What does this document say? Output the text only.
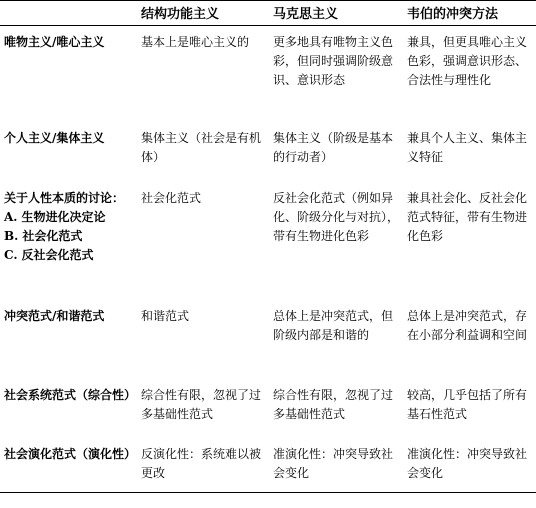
	结构功能主义	马克思主义	韦伯的冲突方法
唯物主义/唯心主义	基本上是唯心主义的	更多地具有唯物主义色彩，但同时强调阶级意识、意识形态	兼具，但更具唯心主义色彩，强调意识形态、合法性与理性化
个人主义/集体主义	集体主义（社会是有机体）	集体主义（阶级是基本的行动者）	兼具个人主义、集体主义特征
关于人性本质的讨论：
A. 生物进化决定论
B. 社会化范式
C. 反社会化范式	社会化范式	反社会化范式（例如异化、阶级分化与对抗），带有生物进化色彩	兼具社会化、反社会化范式特征，带有生物进化色彩
冲突范式/和谐范式	和谐范式	总体上是冲突范式，但阶级内部是和谐的	总体上是冲突范式，存在小部分利益调和空间
社会系统范式（综合性）	综合性有限，忽视了过多基础性范式	综合性有限，忽视了过多基础性范式	较高，几乎包括了所有基石性范式
社会演化范式（演化性）	反演化性：系统难以被更改	准演化性：冲突导致社会变化	准演化性：冲突导致社会变化
